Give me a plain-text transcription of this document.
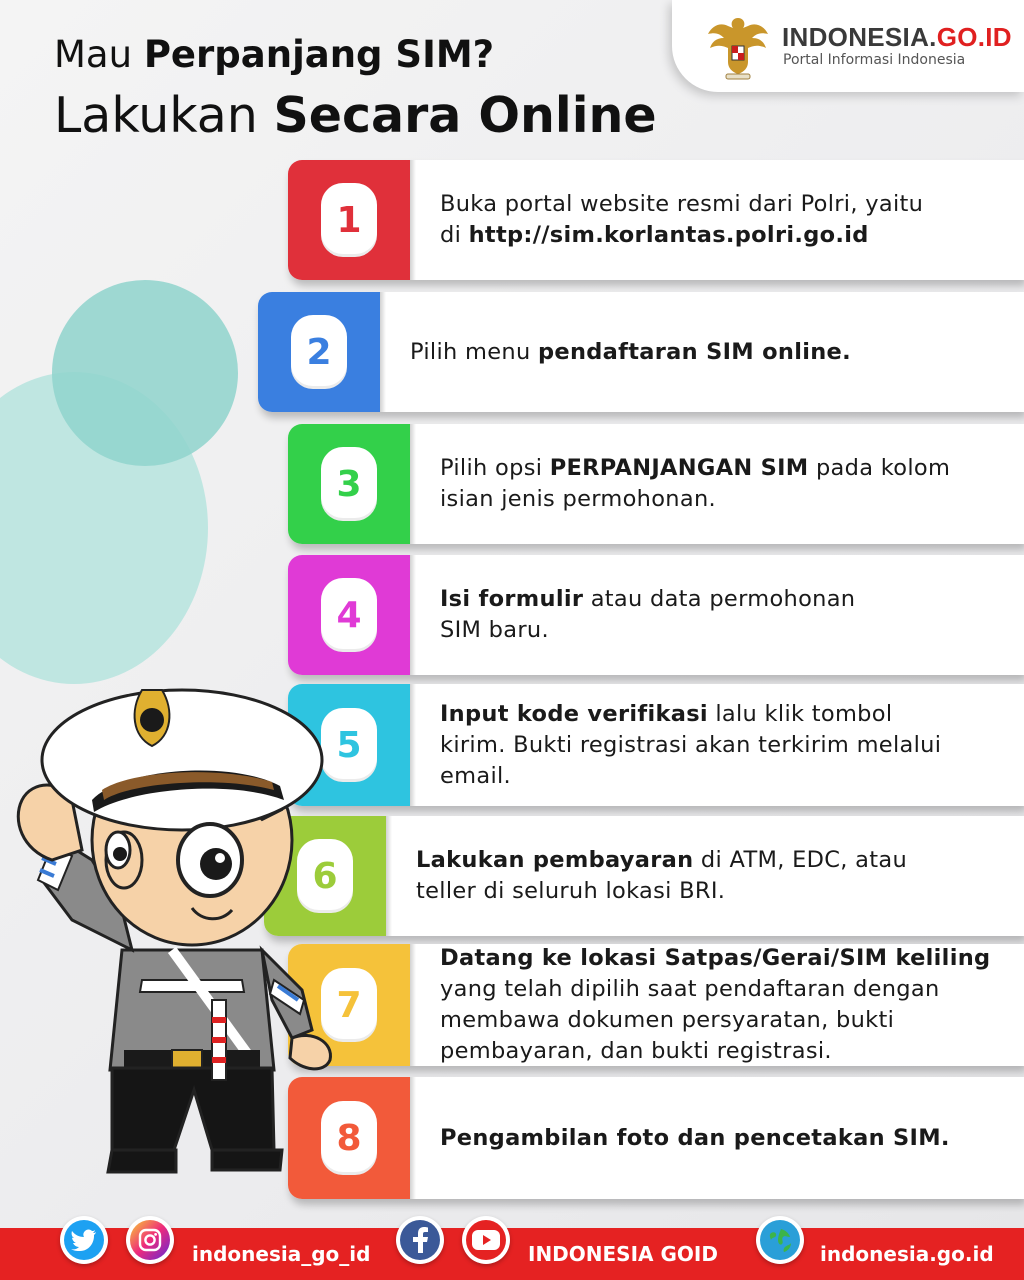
Mau Perpanjang SIM?
Lakukan Secara Online
INDONESIA.GO.ID
Portal Informasi Indonesia
1	Buka portal website resmi dari Polri, yaitu
di http://sim.korlantas.polri.go.id
2	Pilih menu pendaftaran SIM online.
3	Pilih opsi PERPANJANGAN SIM pada kolom
isian jenis permohonan.
4	Isi formulir atau data permohonan
SIM baru.
5
Input kode verifikasi lalu klik tombol
kirim. Bukti registrasi akan terkirim melalui
email.
6	Lakukan pembayaran di ATM, EDC, atau
teller di seluruh lokasi BRI.
7
Datang ke lokasi Satpas/Gerai/SIM keliling
yang telah dipilih saat pendaftaran dengan
membawa dokumen persyaratan, bukti
pembayaran, dan bukti registrasi.
8	Pengambilan foto dan pencetakan SIM.
indonesia_go_id	INDONESIA GOID	indonesia.go.id
